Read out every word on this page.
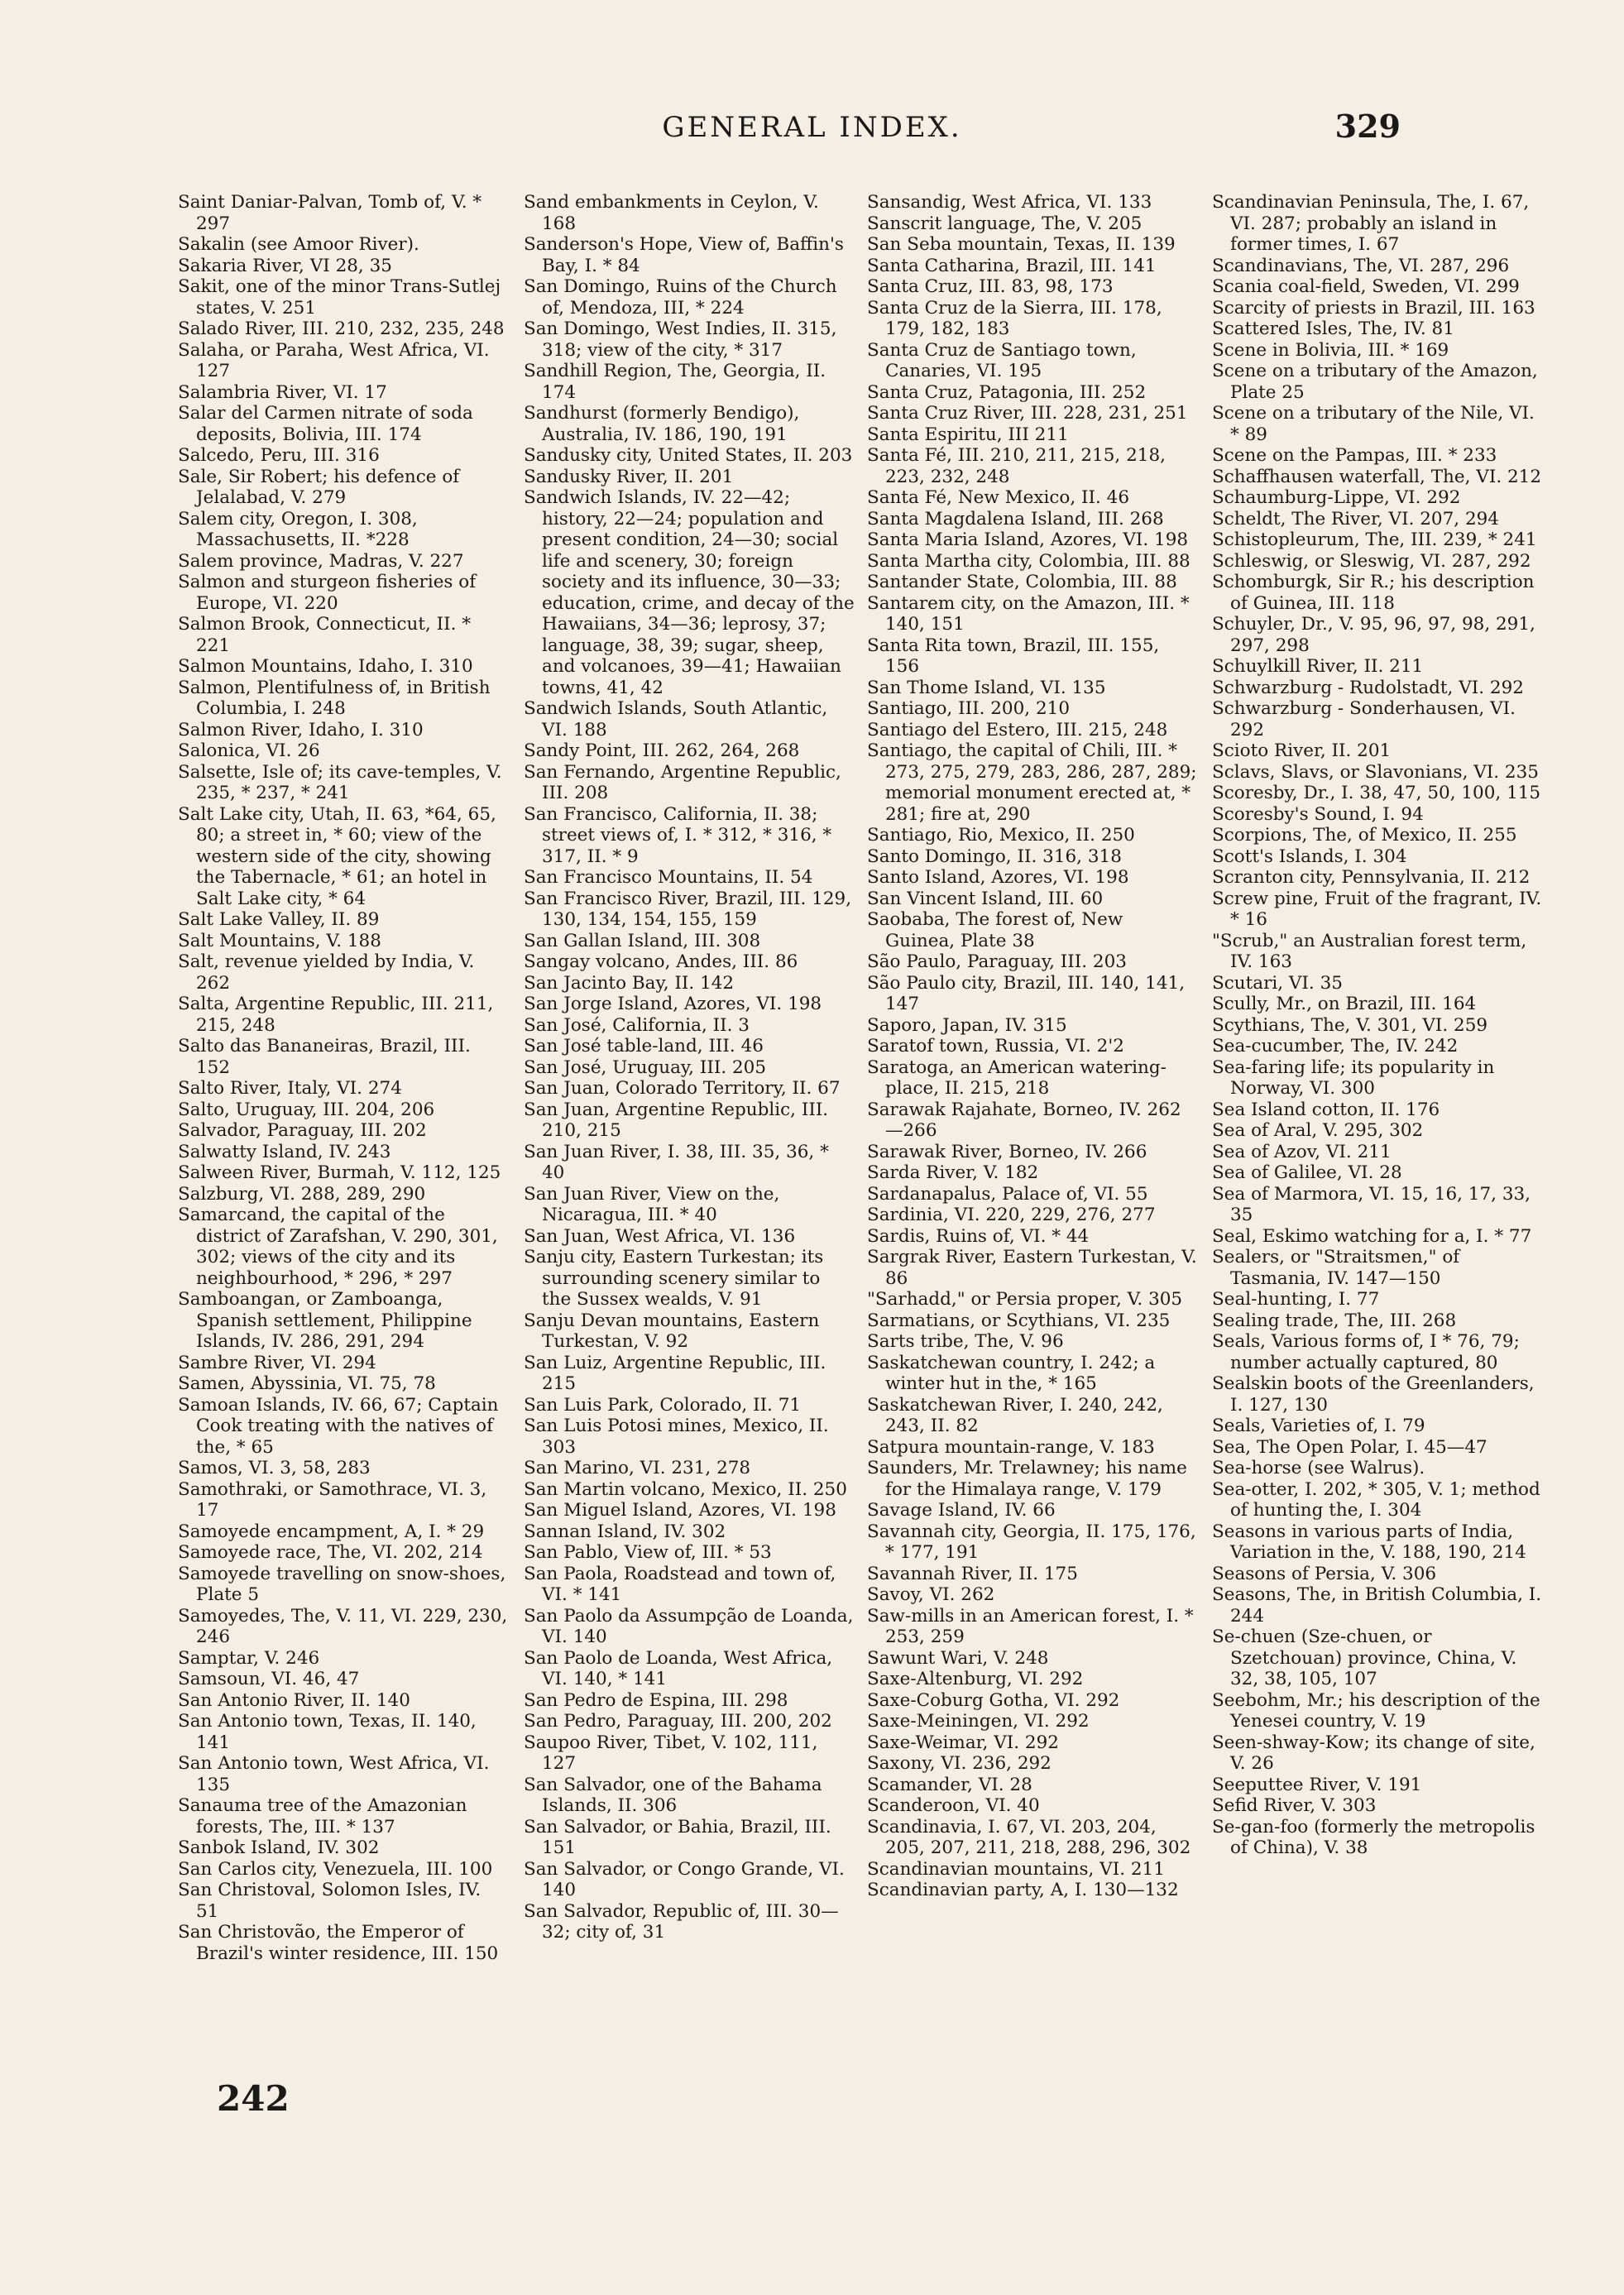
GENERAL INDEX.	329

Saint Daniar-Palvan, Tomb of, V. * 297

Sakalin (see Amoor River).

Sakaria River, VI 28, 35

Sakit, one of the minor Trans-Sutlej states, V. 251

Salado River, III. 210, 232, 235, 248

Salaha, or Paraha, West Africa, VI. 127

Salambria River, VI. 17

Salar del Carmen nitrate of soda deposits, Bolivia, III. 174

Salcedo, Peru, III. 316

Sale, Sir Robert; his defence of Jelalabad, V. 279

Salem city, Oregon, I. 308, Massachusetts, II. *228

Salem province, Madras, V. 227

Salmon and sturgeon fisheries of Europe, VI. 220

Salmon Brook, Connecticut, II. * 221

Salmon Mountains, Idaho, I. 310

Salmon, Plentifulness of, in British Columbia, I. 248

Salmon River, Idaho, I. 310

Salonica, VI. 26

Salsette, Isle of; its cave-temples, V. 235, * 237, * 241

Salt Lake city, Utah, II. 63, *64, 65, 80; a street in, * 60; view of the western side of the city, showing the Tabernacle, * 61; an hotel in Salt Lake city, * 64

Salt Lake Valley, II. 89

Salt Mountains, V. 188

Salt, revenue yielded by India, V. 262

Salta, Argentine Republic, III. 211, 215, 248

Salto das Bananeiras, Brazil, III. 152

Salto River, Italy, VI. 274

Salto, Uruguay, III. 204, 206

Salvador, Paraguay, III. 202

Salwatty Island, IV. 243

Salween River, Burmah, V. 112, 125

Salzburg, VI. 288, 289, 290

Samarcand, the capital of the district of Zarafshan, V. 290, 301, 302; views of the city and its neighbourhood, * 296, * 297

Samboangan, or Zamboanga, Spanish settlement, Philippine Islands, IV. 286, 291, 294

Sambre River, VI. 294

Samen, Abyssinia, VI. 75, 78

Samoan Islands, IV. 66, 67; Captain Cook treating with the natives of the, * 65

Samos, VI. 3, 58, 283

Samothraki, or Samothrace, VI. 3, 17

Samoyede encampment, A, I. * 29

Samoyede race, The, VI. 202, 214

Samoyede travelling on snow-shoes, Plate 5

Samoyedes, The, V. 11, VI. 229, 230, 246

Samptar, V. 246

Samsoun, VI. 46, 47

San Antonio River, II. 140

San Antonio town, Texas, II. 140, 141

San Antonio town, West Africa, VI. 135

Sanauma tree of the Amazonian forests, The, III. * 137

Sanbok Island, IV. 302

San Carlos city, Venezuela, III. 100

San Christoval, Solomon Isles, IV. 51

San Christovão, the Emperor of Brazil's winter residence, III. 150

Sand embankments in Ceylon, V. 168

Sanderson's Hope, View of, Baffin's Bay, I. * 84

San Domingo, Ruins of the Church of, Mendoza, III, * 224

San Domingo, West Indies, II. 315, 318; view of the city, * 317

Sandhill Region, The, Georgia, II. 174

Sandhurst (formerly Bendigo), Australia, IV. 186, 190, 191

Sandusky city, United States, II. 203

Sandusky River, II. 201

Sandwich Islands, IV. 22—42; history, 22—24; population and present condition, 24—30; social life and scenery, 30; foreign society and its influence, 30—33; education, crime, and decay of the Hawaiians, 34—36; leprosy, 37; language, 38, 39; sugar, sheep, and volcanoes, 39—41; Hawaiian towns, 41, 42

Sandwich Islands, South Atlantic, VI. 188

Sandy Point, III. 262, 264, 268

San Fernando, Argentine Republic, III. 208

San Francisco, California, II. 38; street views of, I. * 312, * 316, * 317, II. * 9

San Francisco Mountains, II. 54

San Francisco River, Brazil, III. 129, 130, 134, 154, 155, 159

San Gallan Island, III. 308

Sangay volcano, Andes, III. 86

San Jacinto Bay, II. 142

San Jorge Island, Azores, VI. 198

San José, California, II. 3

San José table-land, III. 46

San José, Uruguay, III. 205

San Juan, Colorado Territory, II. 67

San Juan, Argentine Republic, III. 210, 215

San Juan River, I. 38, III. 35, 36, * 40

San Juan River, View on the, Nicaragua, III. * 40

San Juan, West Africa, VI. 136

Sanju city, Eastern Turkestan; its surrounding scenery similar to the Sussex wealds, V. 91

Sanju Devan mountains, Eastern Turkestan, V. 92

San Luiz, Argentine Republic, III. 215

San Luis Park, Colorado, II. 71

San Luis Potosi mines, Mexico, II. 303

San Marino, VI. 231, 278

San Martin volcano, Mexico, II. 250

San Miguel Island, Azores, VI. 198

Sannan Island, IV. 302

San Pablo, View of, III. * 53

San Paola, Roadstead and town of, VI. * 141

San Paolo da Assumpção de Loanda, VI. 140

San Paolo de Loanda, West Africa, VI. 140, * 141

San Pedro de Espina, III. 298

San Pedro, Paraguay, III. 200, 202

Saupoo River, Tibet, V. 102, 111, 127

San Salvador, one of the Bahama Islands, II. 306

San Salvador, or Bahia, Brazil, III. 151

San Salvador, or Congo Grande, VI. 140

San Salvador, Republic of, III. 30—32; city of, 31

Sansandig, West Africa, VI. 133

Sanscrit language, The, V. 205

San Seba mountain, Texas, II. 139

Santa Catharina, Brazil, III. 141

Santa Cruz, III. 83, 98, 173

Santa Cruz de la Sierra, III. 178, 179, 182, 183

Santa Cruz de Santiago town, Canaries, VI. 195

Santa Cruz, Patagonia, III. 252

Santa Cruz River, III. 228, 231, 251

Santa Espiritu, III 211

Santa Fé, III. 210, 211, 215, 218, 223, 232, 248

Santa Fé, New Mexico, II. 46

Santa Magdalena Island, III. 268

Santa Maria Island, Azores, VI. 198

Santa Martha city, Colombia, III. 88

Santander State, Colombia, III. 88

Santarem city, on the Amazon, III. * 140, 151

Santa Rita town, Brazil, III. 155, 156

San Thome Island, VI. 135

Santiago, III. 200, 210

Santiago del Estero, III. 215, 248

Santiago, the capital of Chili, III. * 273, 275, 279, 283, 286, 287, 289; memorial monument erected at, * 281; fire at, 290

Santiago, Rio, Mexico, II. 250

Santo Domingo, II. 316, 318

Santo Island, Azores, VI. 198

San Vincent Island, III. 60

Saobaba, The forest of, New Guinea, Plate 38

São Paulo, Paraguay, III. 203

São Paulo city, Brazil, III. 140, 141, 147

Saporo, Japan, IV. 315

Saratof town, Russia, VI. 2'2

Saratoga, an American watering-place, II. 215, 218

Sarawak Rajahate, Borneo, IV. 262—266

Sarawak River, Borneo, IV. 266

Sarda River, V. 182

Sardanapalus, Palace of, VI. 55

Sardinia, VI. 220, 229, 276, 277

Sardis, Ruins of, VI. * 44

Sargrak River, Eastern Turkestan, V. 86

"Sarhadd," or Persia proper, V. 305

Sarmatians, or Scythians, VI. 235

Sarts tribe, The, V. 96

Saskatchewan country, I. 242; a winter hut in the, * 165

Saskatchewan River, I. 240, 242, 243, II. 82

Satpura mountain-range, V. 183

Saunders, Mr. Trelawney; his name for the Himalaya range, V. 179

Savage Island, IV. 66

Savannah city, Georgia, II. 175, 176, * 177, 191

Savannah River, II. 175

Savoy, VI. 262

Saw-mills in an American forest, I. * 253, 259

Sawunt Wari, V. 248

Saxe-Altenburg, VI. 292

Saxe-Coburg Gotha, VI. 292

Saxe-Meiningen, VI. 292

Saxe-Weimar, VI. 292

Saxony, VI. 236, 292

Scamander, VI. 28

Scanderoon, VI. 40

Scandinavia, I. 67, VI. 203, 204, 205, 207, 211, 218, 288, 296, 302

Scandinavian mountains, VI. 211

Scandinavian party, A, I. 130—132

Scandinavian Peninsula, The, I. 67, VI. 287; probably an island in former times, I. 67

Scandinavians, The, VI. 287, 296

Scania coal-field, Sweden, VI. 299

Scarcity of priests in Brazil, III. 163

Scattered Isles, The, IV. 81

Scene in Bolivia, III. * 169

Scene on a tributary of the Amazon, Plate 25

Scene on a tributary of the Nile, VI. * 89

Scene on the Pampas, III. * 233

Schaffhausen waterfall, The, VI. 212

Schaumburg-Lippe, VI. 292

Scheldt, The River, VI. 207, 294

Schistopleurum, The, III. 239, * 241

Schleswig, or Sleswig, VI. 287, 292

Schomburgk, Sir R.; his description of Guinea, III. 118

Schuyler, Dr., V. 95, 96, 97, 98, 291, 297, 298

Schuylkill River, II. 211

Schwarzburg - Rudolstadt, VI. 292

Schwarzburg - Sonderhausen, VI. 292

Scioto River, II. 201

Sclavs, Slavs, or Slavonians, VI. 235

Scoresby, Dr., I. 38, 47, 50, 100, 115

Scoresby's Sound, I. 94

Scorpions, The, of Mexico, II. 255

Scott's Islands, I. 304

Scranton city, Pennsylvania, II. 212

Screw pine, Fruit of the fragrant, IV. * 16

"Scrub," an Australian forest term, IV. 163

Scutari, VI. 35

Scully, Mr., on Brazil, III. 164

Scythians, The, V. 301, VI. 259

Sea-cucumber, The, IV. 242

Sea-faring life; its popularity in Norway, VI. 300

Sea Island cotton, II. 176

Sea of Aral, V. 295, 302

Sea of Azov, VI. 211

Sea of Galilee, VI. 28

Sea of Marmora, VI. 15, 16, 17, 33, 35

Seal, Eskimo watching for a, I. * 77

Sealers, or "Straitsmen," of Tasmania, IV. 147—150

Seal-hunting, I. 77

Sealing trade, The, III. 268

Seals, Various forms of, I * 76, 79; number actually captured, 80

Sealskin boots of the Greenlanders, I. 127, 130

Seals, Varieties of, I. 79

Sea, The Open Polar, I. 45—47

Sea-horse (see Walrus).

Sea-otter, I. 202, * 305, V. 1; method of hunting the, I. 304

Seasons in various parts of India, Variation in the, V. 188, 190, 214

Seasons of Persia, V. 306

Seasons, The, in British Columbia, I. 244

Se-chuen (Sze-chuen, or Szetchouan) province, China, V. 32, 38, 105, 107

Seebohm, Mr.; his description of the Yenesei country, V. 19

Seen-shway-Kow; its change of site, V. 26

Seeputtee River, V. 191

Sefid River, V. 303

Se-gan-foo (formerly the metropolis of China), V. 38

242
